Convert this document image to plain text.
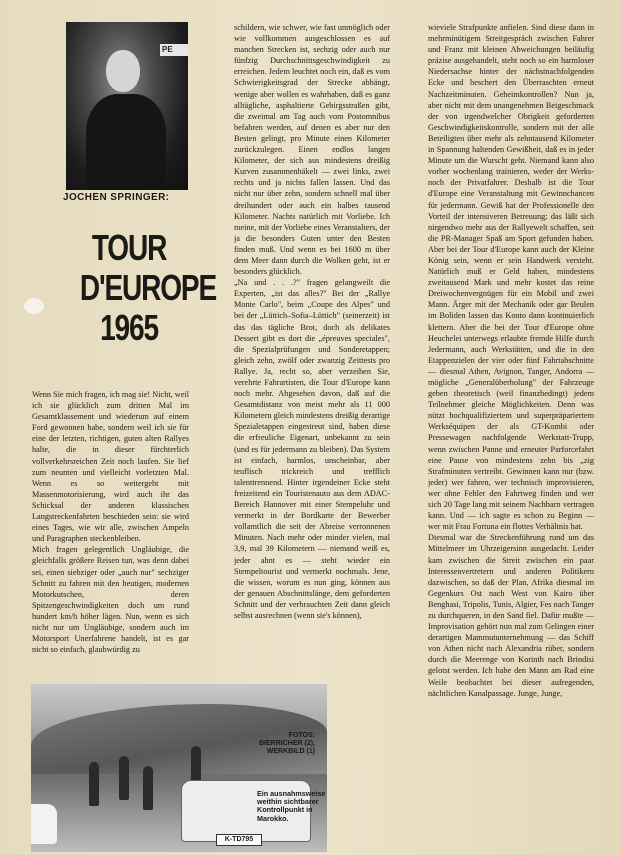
PE
JOCHEN SPRINGER:
TOUR
D'EUROPE
1965
Wenn Sie mich fragen, ich mag sie! Nicht, weil ich sie glücklich zum dritten Mal im Gesamtklassement und wiederum auf einem Ford gewonnen habe, sondern weil ich sie für eine der letzten, richtigen, guten alten Rallyes halte, die in dieser fürchterlich vollverkehrsreichen Zeit noch laufen. Sie lief zum neunten und vielleicht vorletzten Mal. Wenn es so weitergeht mit Massenmotorisierung, wird auch ihr das Schicksal der anderen klassischen Langstreckenfahrten beschieden sein: sie wird eines Tages, wie wir alle, zwischen Ampeln und Paragraphen steckenbleiben.
Mich fragen gelegentlich Ungläubige, die gleichfalls größere Reisen tun, was denn dabei sei, einen siebziger oder „auch nur" sechziger Schnitt zu fahren mit den heutigen, modernen Motorkutschen, deren Spitzengeschwindigkeiten doch um rund hundert km/h höher lägen. Nun, wenn es sich nicht nur um Ungläubige, sondern auch im Motorsport Unerfahrene handelt, ist es gar nicht so einfach, glaubwürdig zu
schildern, wie schwer, wie fast unmöglich oder wie vollkommen ausgeschlossen es auf manchen Strecken ist, sechzig oder auch nur fünfzig Durchschnittsgeschwindigkeit zu erreichen. Jedem leuchtet noch ein, daß es vom Schwierigkeitsgrad der Strecke abhängt, wenige aber wollen es wahrhaben, daß es ganz alltägliche, asphaltierte Gebirgsstraßen gibt, die zweimal am Tag auch vom Postomnibus befahren werden, auf denen es aber nur den Besten gelingt, pro Minute einen Kilometer zurückzulegen. Einen endlos langen Kilometer, der sich aus mindestens dreißig Kurven zusammenhäkelt — zwei links, zwei rechts und ja nichts fallen lassen. Und das nicht nur über zehn, sondern schnell mal über dreihundert oder auch ein halbes tausend Kilometer. Nachts natürlich mit Vorliebe. Ich meine, mit der Vorliebe eines Veranstalters, der ja die besonders Guten unter den Besten finden muß. Und wenn es bei 1600 m über dem Meer dann durch die Wolken geht, ist er besonders glücklich.
„Na und . . .?" fragen gelangweilt die Experten, „ist das alles?" Bei der „Rallye Monte Carlo", beim „Coupe des Alpes" und bei der „Lüttich–Sofia–Lüttich" (seinerzeit) ist das das tägliche Brot, doch als delikates Dessert gibt es dort die „épreuves speciales", die Spezialprüfungen und Sonderetappen; gleich zehn, zwölf oder zwanzig Zeittests pro Rallye. Ja, recht so, aber verzeihen Sie, verehrte Fahrartisten, die Tour d'Europe kann noch mehr. Abgesehen davon, daß auf die Gesamtdistanz von meist mehr als 11 000 Kilometern gleich mindestens dreißig derartige Spezialetappen eingestreut sind, haben diese die erfreuliche Eigenart, unbekannt zu sein (und es für jedermann zu bleiben). Das System ist einfach, harmlos, unscheinbar, aber teuflisch trickreich und trefflich talenttrennend. Hinter irgendeiner Ecke steht freizeitend ein Touristenauto aus dem ADAC-Bereich Hannover mit einer Stempeluhr und vermerkt in der Bordkarte der Bewerber vollamtlich die seit der Abreise verronnenen Minuten. Nach mehr oder minder vielen, mal 3,9, mal 39 Kilometern — niemand weiß es, jeder ahnt es — steht wieder ein Stempeltourist und vermerkt nochmals. Jene, die wissen, worum es nun ging, können aus der genauen Abschnittslänge, dem geforderten Schnitt und der verbrauchten Zeit dann gleich selbst ausrechnen (wenn sie's können),
wieviele Strafpunkte anfielen. Sind diese dann in mehrminütigem Streitgespräch zwischen Fahrer und Franz mit kleinen Abweichungen beiläufig präzise ausgehandelt, steht noch so ein harmloser Niedersachse hinter der nächstnachfolgenden Ecke und beschert den Überraschten erneut Nachzeitminuten. Geheimkontrollen? Nun ja, aber nicht mit dem unangenehmen Beigeschmack der von irgendwelcher Obrigkeit geforderten Geschwindigkeitskontrolle, sondern mit der alle Beteiligten über mehr als zehntausend Kilometer in Spannung haltenden Gewißheit, daß es in jeder Minute um die Wurscht geht. Niemand kann also vorher wochenlang trainieren, weder der Werks- noch der Privatfahrer. Deshalb ist die Tour d'Europe eine Veranstaltung mit Gewinnchancen für jedermann. Gewiß hat der Professionelle den Vorteil der intensiveren Betreuung; das läßt sich nirgendwo mehr aus der Rallyewelt schaffen, seit die PR-Manager Spaß am Sport gefunden haben. Aber bei der Tour d'Europe kann auch der Kleine König sein, wenn er sein Handwerk versteht. Natürlich muß er Geld haben, mindestens zweitausend Mark und mehr kostet das reine Dreiwochenvergnügen für ein Mobil und zwei Mann. Ärger mit der Mechanik oder gar Beulen im Boliden lassen das Konto dann kontinuierlich klettern. Aber die bei der Tour d'Europe ohne Heuchelei unterwegs erlaubte fremde Hilfe durch Jedermann, auch Werkstätten, und die in den Etappenzielen der vier oder fünf Fahrtabschnitte — diesmal Athen, Avignon, Tanger, Andorra — mögliche „Generalüberholung" der Fahrzeuge geben theoretisch (weil finanzbedingt) jedem Teilnehmer gleiche Möglichkeiten. Denn was nützt hochqualifiziertem und superpräpariertem Werkséquipen der als GT-Kombi oder Pressewagen nachfolgende Werkstatt-Trupp, wenn zwischen Panne und erneuter Parforcefahrt eine Pause von mindestens zehn bis „zig Strafminuten vertreibt. Gewinnen kann nur (bzw. jeder) wer fahren, wer technisch improvisieren, wer ohne Fehler den Fahrtweg finden und wer sich 20 Tage lang mit seinem Nachbarn vertragen kann. Und — ich sagte es schon zu Beginn — wer mit Frau Fortuna ein flottes Verhältnis hat.
Diesmal war die Streckenführung rund um das Mittelmeer im Uhrzeigersinn ausgedacht. Leider kam zwischen die Streit zwischen ein paar Interessenvertretern und anderen Politikern dazwischen, so daß der Plan, Afrika diesmal im Gegenkurs Ost nach West von Kairo über Benghasi, Tripolis, Tunis, Algier, Fes nach Tanger zu durchqueren, in den Sand fiel. Dafür mußte — Improvisation gehört nun mal zum Gelingen einer derartigen Mammutunternehmung — das Schiff von Athen nicht nach Alexandria rüber, sondern durch die Meerenge von Korinth nach Brindisi gelotst werden. Ich habe den Mann am Rad eine Weile beobachtet bei dieser aufregenden, nächtlichen Kanalpassage. Junge, Junge,
K-TD795
FOTOS:
BIERRICHER (2),
WERKBILD (1)
Ein ausnahmsweise weithin sichtbarer Kontrollpunkt in Marokko.
